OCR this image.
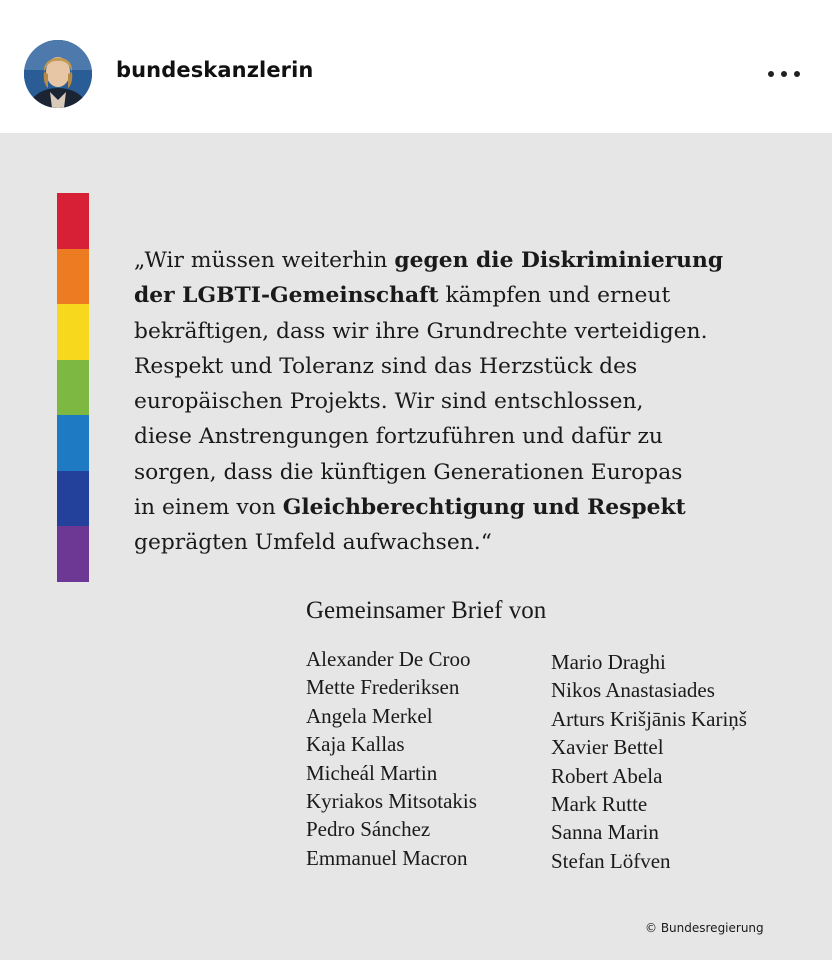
bundeskanzlerin
„Wir müssen weiterhin gegen die Diskriminierung
der LGBTI-Gemeinschaft kämpfen und erneut
bekräftigen, dass wir ihre Grundrechte verteidigen.
Respekt und Toleranz sind das Herzstück des
europäischen Projekts. Wir sind entschlossen,
diese Anstrengungen fortzuführen und dafür zu
sorgen, dass die künftigen Generationen Europas
in einem von Gleichberechtigung und Respekt
geprägten Umfeld aufwachsen.“
Gemeinsamer Brief von
Alexander De Croo
Mette Frederiksen
Angela Merkel
Kaja Kallas
Micheál Martin
Kyriakos Mitsotakis
Pedro Sánchez
Emmanuel Macron
Mario Draghi
Nikos Anastasiades
Arturs Krišjānis Kariņš
Xavier Bettel
Robert Abela
Mark Rutte
Sanna Marin
Stefan Löfven
© Bundesregierung
